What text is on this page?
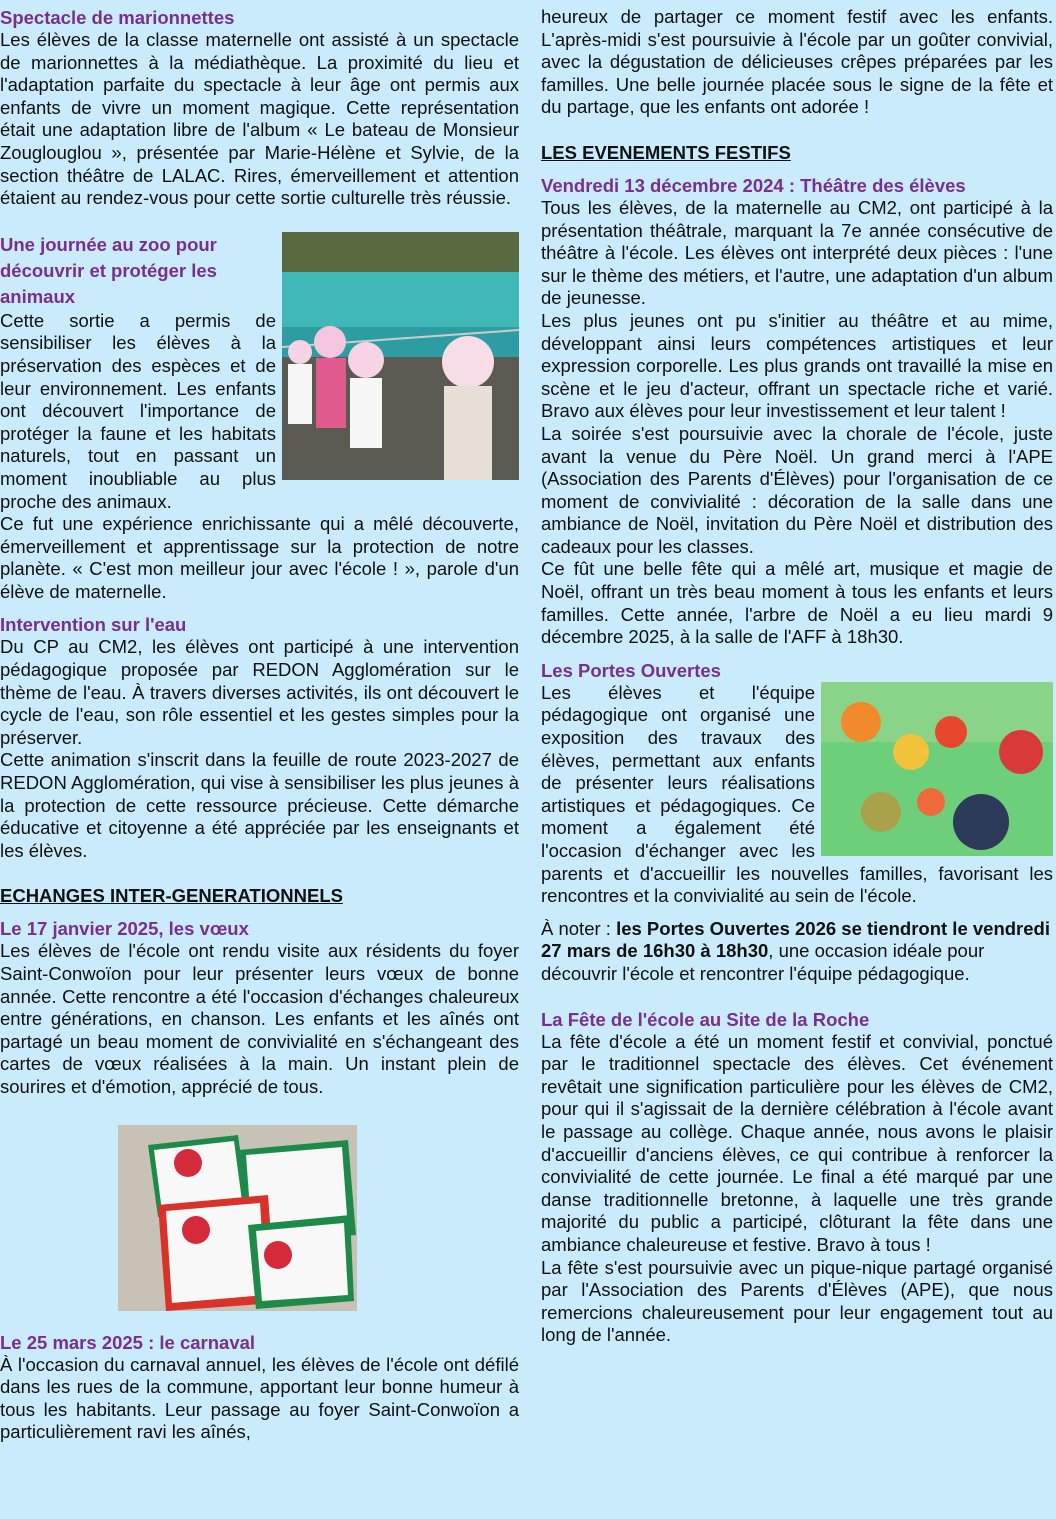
Spectacle de marionnettes

Les élèves de la classe maternelle ont assisté à un spectacle de marionnettes à la médiathèque. La proximité du lieu et l'adaptation parfaite du spectacle à leur âge ont permis aux enfants de vivre un moment magique. Cette représentation était une adaptation libre de l'album « Le bateau de Monsieur Zouglouglou », présentée par Marie-Hélène et Sylvie, de la section théâtre de LALAC. Rires, émerveillement et attention étaient au rendez-vous pour cette sortie culturelle très réussie.

Une journée au zoo pour découvrir et protéger les animaux

Cette sortie a permis de sensibiliser les élèves à la préservation des espèces et de leur environnement. Les enfants ont découvert l'importance de protéger la faune et les habitats naturels, tout en passant un moment inoubliable au plus proche des animaux.

Ce fut une expérience enrichissante qui a mêlé découverte, émerveillement et apprentissage sur la protection de notre planète. « C'est mon meilleur jour avec l'école ! », parole d'un élève de maternelle.

Intervention sur l'eau

Du CP au CM2, les élèves ont participé à une intervention pédagogique proposée par REDON Agglomération sur le thème de l'eau. À travers diverses activités, ils ont découvert le cycle de l'eau, son rôle essentiel et les gestes simples pour la préserver.

Cette animation s'inscrit dans la feuille de route 2023-2027 de REDON Agglomération, qui vise à sensibiliser les plus jeunes à la protection de cette ressource précieuse. Cette démarche éducative et citoyenne a été appréciée par les enseignants et les élèves.

ECHANGES INTER-GENERATIONNELS
Le 17 janvier 2025, les vœux

Les élèves de l'école ont rendu visite aux résidents du foyer Saint-Conwoïon pour leur présenter leurs vœux de bonne année. Cette rencontre a été l'occasion d'échanges chaleureux entre générations, en chanson. Les enfants et les aînés ont partagé un beau moment de convivialité en s'échangeant des cartes de vœux réalisées à la main. Un instant plein de sourires et d'émotion, apprécié de tous.

Le 25 mars 2025 : le carnaval

À l'occasion du carnaval annuel, les élèves de l'école ont défilé dans les rues de la commune, apportant leur bonne humeur à tous les habitants. Leur passage au foyer Saint-Conwoïon a particulièrement ravi les aînés,

heureux de partager ce moment festif avec les enfants. L'après-midi s'est poursuivie à l'école par un goûter convivial, avec la dégustation de délicieuses crêpes préparées par les familles. Une belle journée placée sous le signe de la fête et du partage, que les enfants ont adorée !

LES EVENEMENTS FESTIFS
Vendredi 13 décembre 2024 : Théâtre des élèves

Tous les élèves, de la maternelle au CM2, ont participé à la présentation théâtrale, marquant la 7e année consécutive de théâtre à l'école. Les élèves ont interprété deux pièces : l'une sur le thème des métiers, et l'autre, une adaptation d'un album de jeunesse.

Les plus jeunes ont pu s'initier au théâtre et au mime, développant ainsi leurs compétences artistiques et leur expression corporelle. Les plus grands ont travaillé la mise en scène et le jeu d'acteur, offrant un spectacle riche et varié. Bravo aux élèves pour leur investissement et leur talent !

La soirée s'est poursuivie avec la chorale de l'école, juste avant la venue du Père Noël. Un grand merci à l'APE (Association des Parents d'Élèves) pour l'organisation de ce moment de convivialité : décoration de la salle dans une ambiance de Noël, invitation du Père Noël et distribution des cadeaux pour les classes.

Ce fût une belle fête qui a mêlé art, musique et magie de Noël, offrant un très beau moment à tous les enfants et leurs familles. Cette année, l'arbre de Noël a eu lieu mardi 9 décembre 2025, à la salle de l'AFF à 18h30.

Les Portes Ouvertes

Les élèves et l'équipe pédagogique ont organisé une exposition des travaux des élèves, permettant aux enfants de présenter leurs réalisations artistiques et pédagogiques. Ce moment a également été l'occasion d'échanger avec les parents et d'accueillir les nouvelles familles, favorisant les rencontres et la convivialité au sein de l'école.

À noter : les Portes Ouvertes 2026 se tiendront le vendredi 27 mars de 16h30 à 18h30, une occasion idéale pour découvrir l'école et rencontrer l'équipe pédagogique.

La Fête de l'école au Site de la Roche

La fête d'école a été un moment festif et convivial, ponctué par le traditionnel spectacle des élèves. Cet événement revêtait une signification particulière pour les élèves de CM2, pour qui il s'agissait de la dernière célébration à l'école avant le passage au collège. Chaque année, nous avons le plaisir d'accueillir d'anciens élèves, ce qui contribue à renforcer la convivialité de cette journée. Le final a été marqué par une danse traditionnelle bretonne, à laquelle une très grande majorité du public a participé, clôturant la fête dans une ambiance chaleureuse et festive. Bravo à tous !

La fête s'est poursuivie avec un pique-nique partagé organisé par l'Association des Parents d'Élèves (APE), que nous remercions chaleureusement pour leur engagement tout au long de l'année.
